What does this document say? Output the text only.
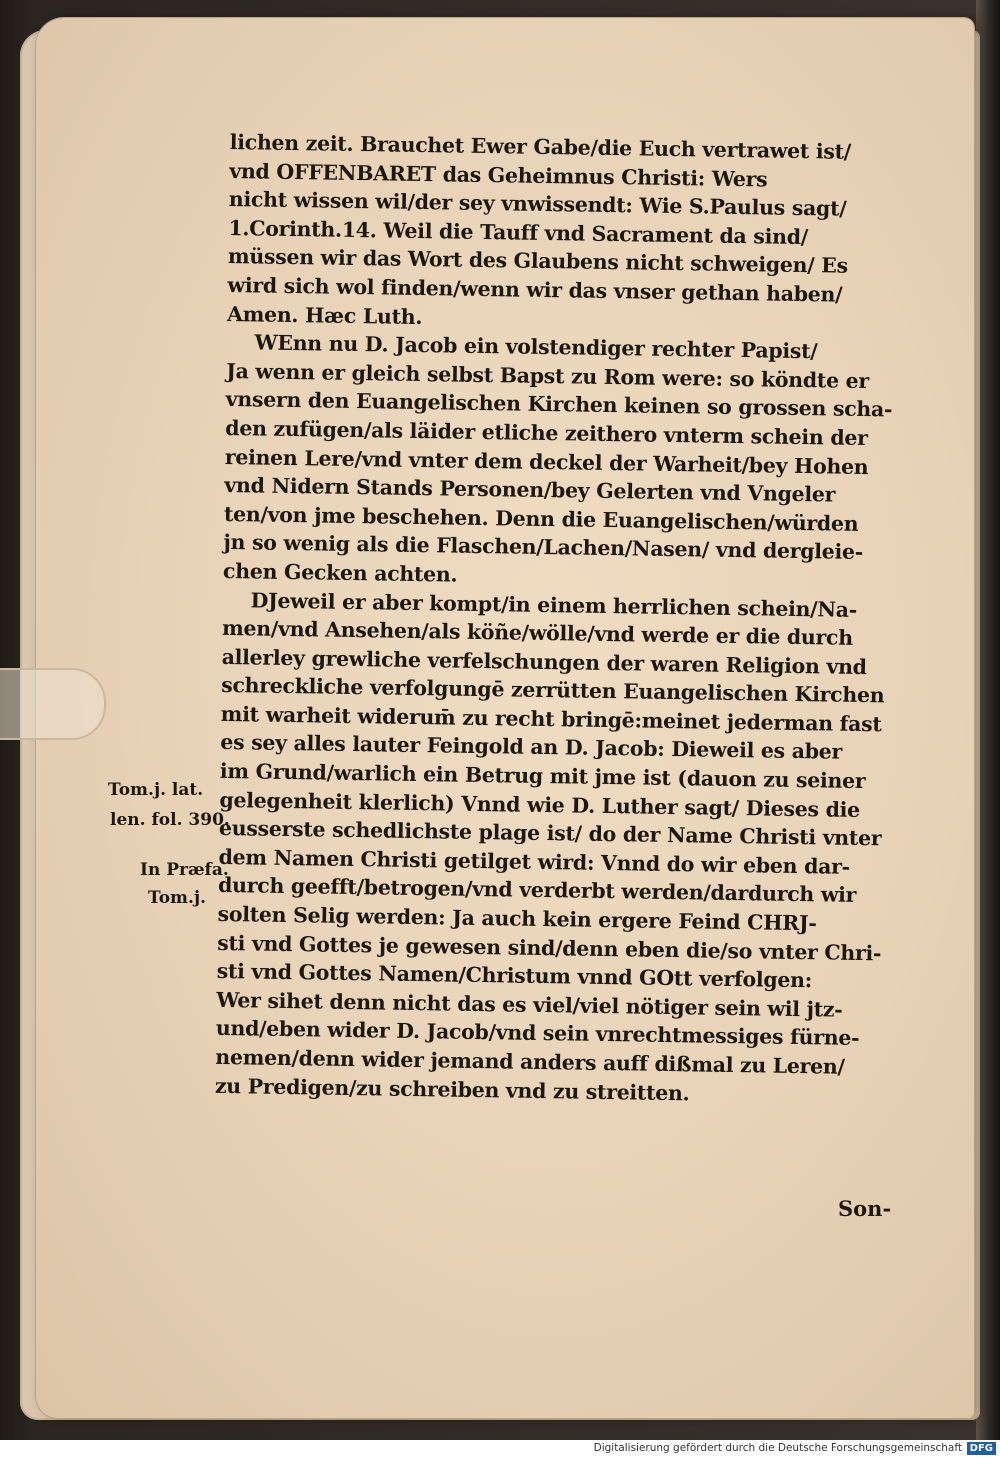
lichen zeit. Brauchet Ewer Gabe/die Euch vertrawet ist/
vnd OFFENBARET das Geheimnus Christi: Wers
nicht wissen wil/der sey vnwissendt: Wie S.Paulus sagt/
1.Corinth.14. Weil die Tauff vnd Sacrament da sind/
müssen wir das Wort des Glaubens nicht schweigen/ Es
wird sich wol finden/wenn wir das vnser gethan haben/
Amen. Hæc Luth.
WEnn nu D. Jacob ein volstendiger rechter Papist/
Ja wenn er gleich selbst Bapst zu Rom were: so köndte er
vnsern den Euangelischen Kirchen keinen so grossen scha-
den zufügen/als läider etliche zeithero vnterm schein der
reinen Lere/vnd vnter dem deckel der Warheit/bey Hohen
vnd Nidern Stands Personen/bey Gelerten vnd Vngeler
ten/von jme beschehen. Denn die Euangelischen/würden
jn so wenig als die Flaschen/Lachen/Nasen/ vnd dergleie-
chen Gecken achten.
DJeweil er aber kompt/in einem herrlichen schein/Na-
men/vnd Ansehen/als köñe/wölle/vnd werde er die durch
allerley grewliche verfelschungen der waren Religion vnd
schreckliche verfolgungē zerrütten Euangelischen Kirchen
mit warheit widerum̄ zu recht bringē:meinet jederman fast
es sey alles lauter Feingold an D. Jacob: Dieweil es aber
im Grund/warlich ein Betrug mit jme ist (dauon zu seiner
gelegenheit klerlich) Vnnd wie D. Luther sagt/ Dieses die
eusserste schedlichste plage ist/ do der Name Christi vnter
dem Namen Christi getilget wird: Vnnd do wir eben dar-
durch geefft/betrogen/vnd verderbt werden/dardurch wir
solten Selig werden: Ja auch kein ergere Feind CHRJ-
sti vnd Gottes je gewesen sind/denn eben die/so vnter Chri-
sti vnd Gottes Namen/Christum vnnd GOtt verfolgen:
Wer sihet denn nicht das es viel/viel nötiger sein wil jtz-
und/eben wider D. Jacob/vnd sein vnrechtmessiges fürne-
nemen/denn wider jemand anders auff dißmal zu Leren/
zu Predigen/zu schreiben vnd zu streitten.
Tom.j. lat.
len. fol. 390.
In Præfa.
Tom.j.
Son-
Digitalisierung gefördert durch die Deutsche Forschungsgemeinschaft DFG
